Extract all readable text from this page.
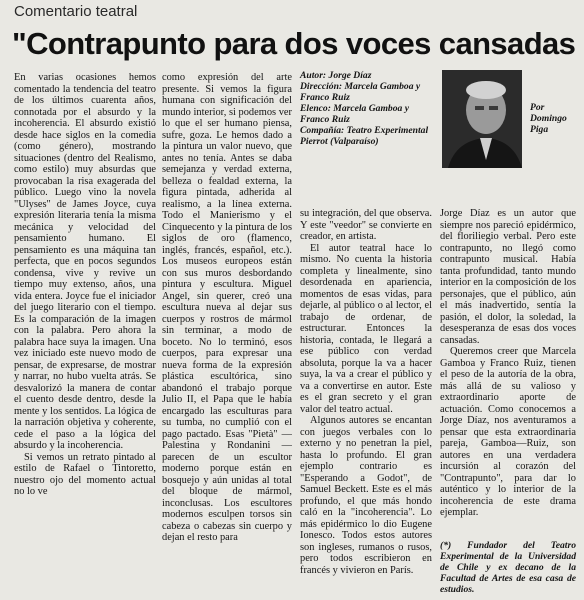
Comentario teatral
"Contrapunto para dos voces cansadas

En varias ocasiones hemos comentado la tendencia del teatro de los últimos cuarenta años, connotada por el absurdo y la incoherencia. El absurdo existió desde hace siglos en la comedia (como género), mostrando situaciones (dentro del Realismo, como estilo) muy absurdas que provocaban la risa exagerada del público. Luego vino la novela "Ulyses" de James Joyce, cuya expresión literaria tenía la misma mecánica y velocidad del pensamiento humano. El pensamiento es una máquina tan perfecta, que en pocos segundos condensa, vive y revive un tiempo muy extenso, años, una vida entera. Joyce fue el iniciador del juego literario con el tiempo. Es la comparación de la imagen con la palabra. Pero ahora la palabra hace suya la imagen. Una vez iniciado este nuevo modo de pensar, de expresarse, de mostrar y narrar, no hubo vuelta atrás. Se desvalorizó la manera de contar el cuento desde dentro, desde la mente y los sentidos. La lógica de la narración objetiva y coherente, cede el paso a la lógica del absurdo y la incoherencia.

Si vemos un retrato pintado al estilo de Rafael o Tintoretto, nuestro ojo del momento actual no lo ve

como expresión del arte presente. Si vemos la figura humana con significación del mundo interior, si podemos ver lo que el ser humano piensa, sufre, goza. Le hemos dado a la pintura un valor nuevo, que antes no tenía. Antes se daba semejanza y verdad externa, belleza o fealdad externa, la figura pintada, adherida al realismo, a la línea externa. Todo el Manierismo y el Cinquecento y la pintura de los siglos de oro (flamenco, inglés, francés, español, etc.). Los museos europeos están con sus muros desbordando pintura y escultura. Miguel Angel, sin querer, creó una escultura nueva al dejar sus cuerpos y rostros de mármol sin terminar, a modo de boceto. No lo terminó, esos cuerpos, para expresar una nueva forma de la expresión plástica escultórica, sino abandonó el trabajo porque Julio II, el Papa que le había encargado las esculturas para su tumba, no cumplió con el pago pactado. Esas "Pietà" — Palestina y Rondanini — parecen de un escultor moderno porque están en bosquejo y aún unidas al total del bloque de mármol, inconclusas. Los escultores modernos esculpen torsos sin cabeza o cabezas sin cuerpo y dejan el resto para

Autor: Jorge Díaz
Dirección: Marcela Gamboa y Franco Ruiz
Elenco: Marcela Gamboa y Franco Ruiz
Compañía: Teatro Experimental Pierrot (Valparaíso)
Por Domingo Piga

su integración, del que observa. Y este "veedor" se convierte en creador, en artista.

El autor teatral hace lo mismo. No cuenta la historia completa y linealmente, sino desordenada en apariencia, momentos de esas vidas, para dejarle, al público o al lector, el trabajo de ordenar, de estructurar. Entonces la historia, contada, le llegará a ese público con verdad absoluta, porque la va a hacer suya, la va a crear el público y va a convertirse en autor. Este es el gran secreto y el gran valor del teatro actual.

Algunos autores se encantan con juegos verbales con lo externo y no penetran la piel, hasta lo profundo. El gran ejemplo contrario es "Esperando a Godot", de Samuel Beckett. Este es el más profundo, el que más hondo caló en la "incoherencia". Lo más epidérmico lo dio Eugene Ionesco. Todos estos autores son ingleses, rumanos o rusos, pero todos escribieron en francés y vivieron en París.

Jorge Díaz es un autor que siempre nos pareció epidérmico, del floriliegio verbal. Pero este contrapunto, no llegó como contrapunto musical. Había tanta profundidad, tanto mundo interior en la composición de los personajes, que el público, aún el más inadvertido, sentía la pasión, el dolor, la soledad, la desesperanza de esas dos voces cansadas.

Queremos creer que Marcela Gamboa y Franco Ruiz, tienen el peso de la autoría de la obra, más allá de su valioso y extraordinario aporte de actuación. Como conocemos a Jorge Díaz, nos aventuramos a pensar que esta extraordinaria pareja, Gamboa—Ruiz, son autores en una verdadera incursión al corazón del "Contrapunto", para dar lo auténtico y lo interior de la incoherencia de este drama ejemplar.

(*) Fundador del Teatro Experimental de la Universidad de Chile y ex decano de la Facultad de Artes de esa casa de estudios.
